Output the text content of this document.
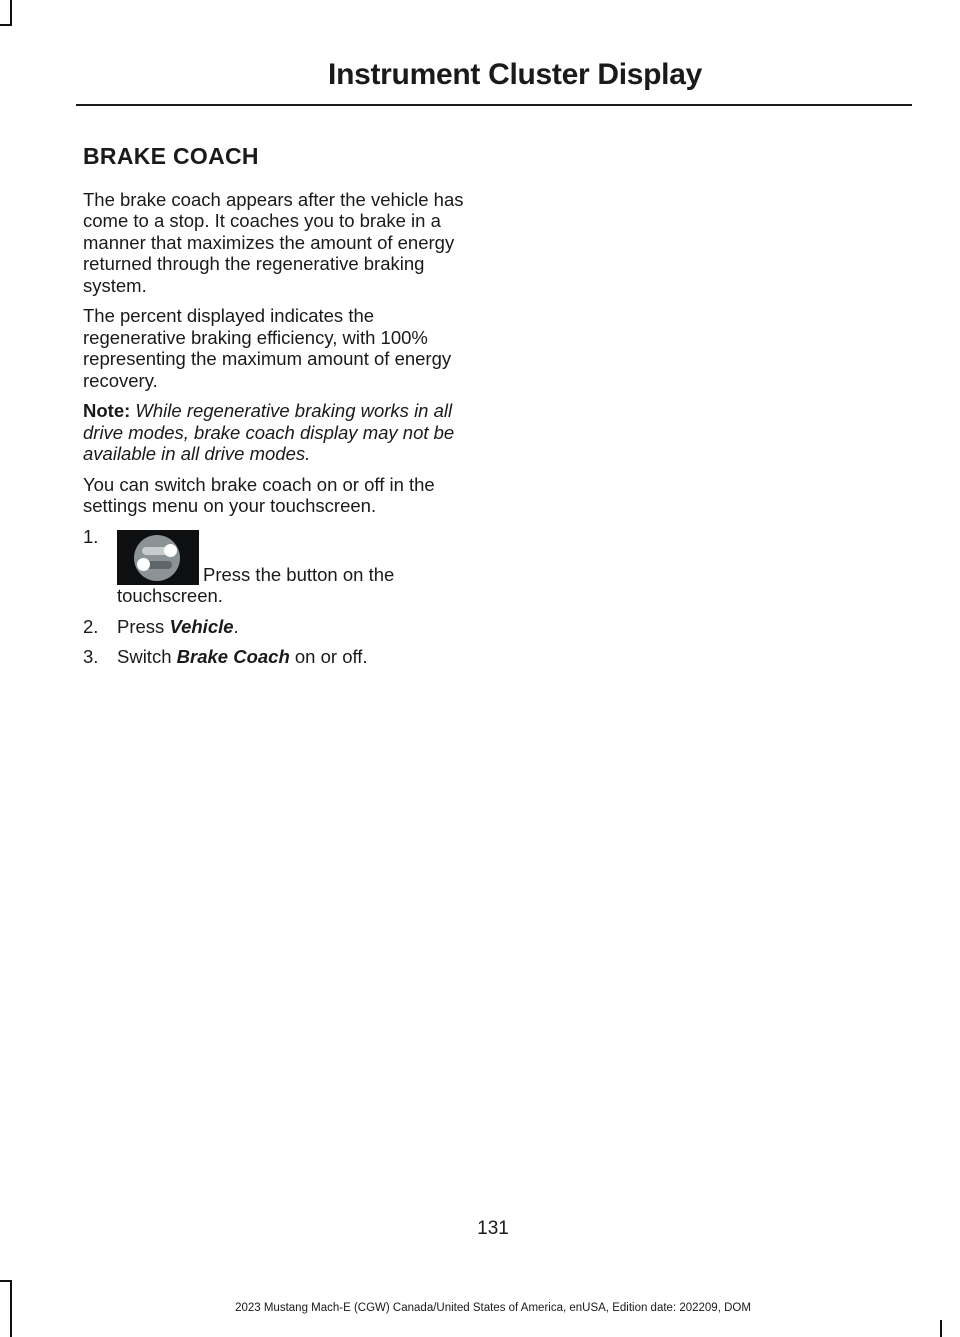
Instrument Cluster Display
BRAKE COACH

The brake coach appears after the vehicle has come to a stop. It coaches you to brake in a manner that maximizes the amount of energy returned through the regenerative braking system.

The percent displayed indicates the regenerative braking efficiency, with 100% representing the maximum amount of energy recovery.

Note: While regenerative braking works in all drive modes, brake coach display may not be available in all drive modes.

You can switch brake coach on or off in the settings menu on your touchscreen.

1.
Press the button on the touchscreen.
2. Press Vehicle.
3. Switch Brake Coach on or off.
131
2023 Mustang Mach-E (CGW) Canada/United States of America, enUSA, Edition date: 202209, DOM
